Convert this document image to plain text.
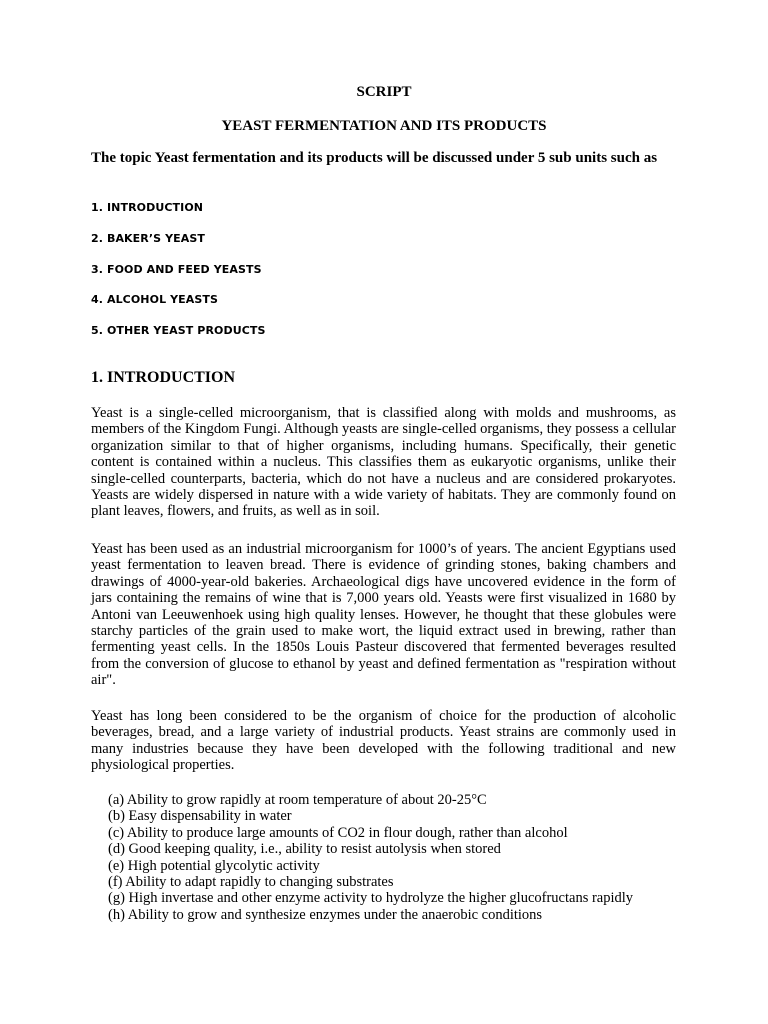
SCRIPT
YEAST FERMENTATION AND ITS PRODUCTS
The topic Yeast fermentation and its products will be discussed under 5 sub units such as
1. INTRODUCTION
2. BAKER’S YEAST
3. FOOD AND FEED YEASTS
4. ALCOHOL YEASTS
5. OTHER YEAST PRODUCTS
1. INTRODUCTION
Yeast is a single-celled microorganism, that is classified along with molds and mushrooms, as members of the Kingdom Fungi. Although yeasts are single-celled organisms, they possess a cellular organization similar to that of higher organisms, including humans. Specifically, their genetic content is contained within a nucleus. This classifies them as eukaryotic organisms, unlike their single-celled counterparts, bacteria, which do not have a nucleus and are considered prokaryotes. Yeasts are widely dispersed in nature with a wide variety of habitats. They are commonly found on plant leaves, flowers, and fruits, as well as in soil.
Yeast has been used as an industrial microorganism for 1000’s of years. The ancient Egyptians used yeast fermentation to leaven bread. There is evidence of grinding stones, baking chambers and drawings of 4000-year-old bakeries. Archaeological digs have uncovered evidence in the form of jars containing the remains of wine that is 7,000 years old. Yeasts were first visualized in 1680 by Antoni van Leeuwenhoek using high quality lenses. However, he thought that these globules were starchy particles of the grain used to make wort, the liquid extract used in brewing, rather than fermenting yeast cells. In the 1850s Louis Pasteur discovered that fermented beverages resulted from the conversion of glucose to ethanol by yeast and defined fermentation as "respiration without air".
Yeast has long been considered to be the organism of choice for the production of alcoholic beverages, bread, and a large variety of industrial products. Yeast strains are commonly used in many industries because they have been developed with the following traditional and new physiological properties.
(a) Ability to grow rapidly at room temperature of about 20-25°C
(b) Easy dispensability in water
(c) Ability to produce large amounts of CO2 in flour dough, rather than alcohol
(d) Good keeping quality, i.e., ability to resist autolysis when stored
(e) High potential glycolytic activity
(f) Ability to adapt rapidly to changing substrates
(g) High invertase and other enzyme activity to hydrolyze the higher glucofructans rapidly
(h) Ability to grow and synthesize enzymes under the anaerobic conditions
